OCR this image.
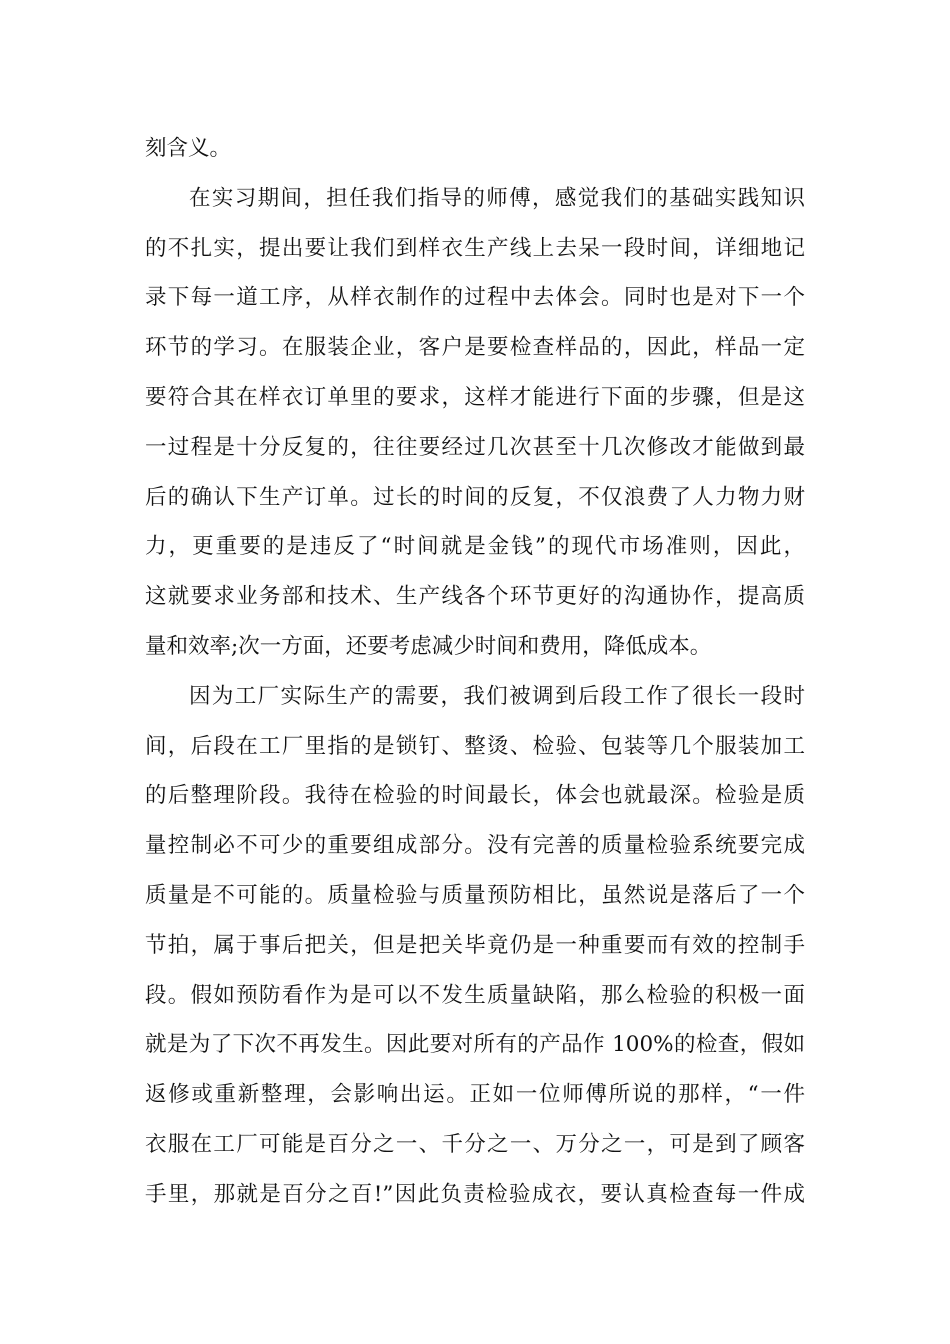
刻含义。
在实习期间，担任我们指导的师傅，感觉我们的基础实践知识
的不扎实，提出要让我们到样衣生产线上去呆一段时间，详细地记
录下每一道工序，从样衣制作的过程中去体会。同时也是对下一个
环节的学习。在服装企业，客户是要检查样品的，因此，样品一定
要符合其在样衣订单里的要求，这样才能进行下面的步骤，但是这
一过程是十分反复的，往往要经过几次甚至十几次修改才能做到最
后的确认下生产订单。过长的时间的反复，不仅浪费了人力物力财
力，更重要的是违反了“时间就是金钱”的现代市场准则，因此，
这就要求业务部和技术、生产线各个环节更好的沟通协作，提高质
量和效率;次一方面，还要考虑减少时间和费用，降低成本。
因为工厂实际生产的需要，我们被调到后段工作了很长一段时
间，后段在工厂里指的是锁钉、整烫、检验、包装等几个服装加工
的后整理阶段。我待在检验的时间最长，体会也就最深。检验是质
量控制必不可少的重要组成部分。没有完善的质量检验系统要完成
质量是不可能的。质量检验与质量预防相比，虽然说是落后了一个
节拍，属于事后把关，但是把关毕竟仍是一种重要而有效的控制手
段。假如预防看作为是可以不发生质量缺陷，那么检验的积极一面
就是为了下次不再发生。因此要对所有的产品作 100%的检查，假如
返修或重新整理，会影响出运。正如一位师傅所说的那样，“一件
衣服在工厂可能是百分之一、千分之一、万分之一，可是到了顾客
手里，那就是百分之百!”因此负责检验成衣，要认真检查每一件成
